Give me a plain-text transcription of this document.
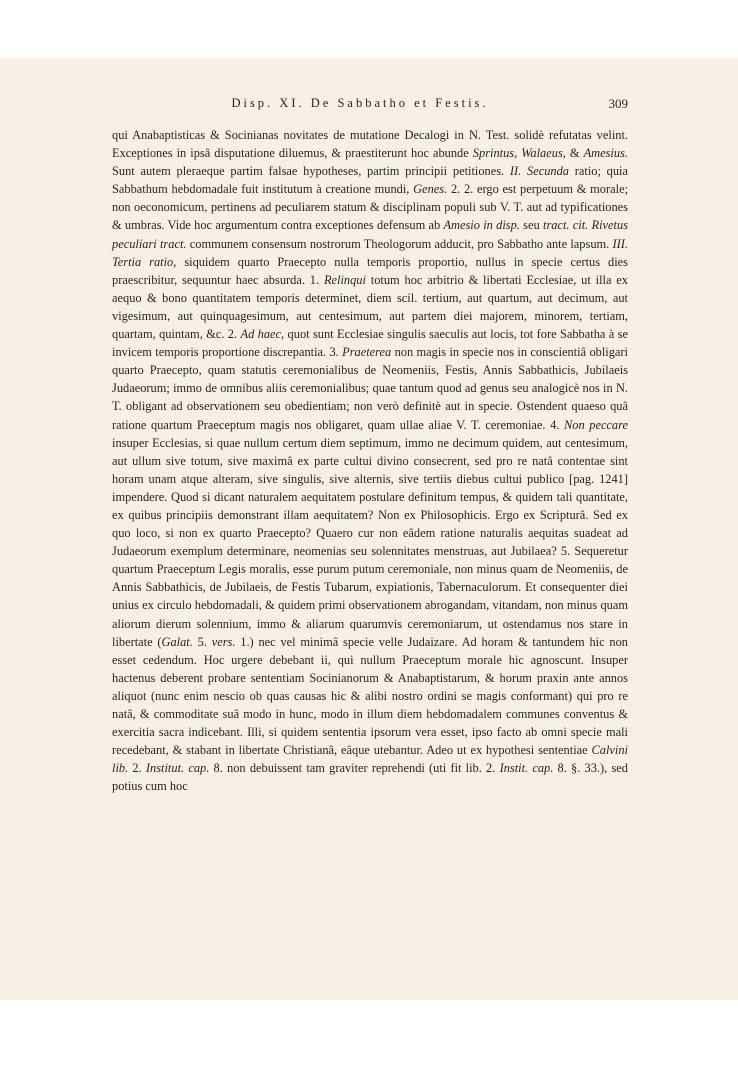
Disp. XI. De Sabbatho et Festis.	309

qui Anabaptisticas & Socinianas novitates de mutatione Decalogi in N. Test. solidè refutatas velint. Exceptiones in ipsâ disputatione diluemus, & praestiterunt hoc abunde Sprintus, Walaeus, & Amesius. Sunt autem pleraeque partim falsae hypotheses, partim principii petitiones. II. Secunda ratio; quia Sabbathum hebdomadale fuit institutum à creatione mundi, Genes. 2. 2. ergo est perpetuum & morale; non oeconomicum, pertinens ad peculiarem statum & disciplinam populi sub V. T. aut ad typificationes & umbras. Vide hoc argumentum contra exceptiones defensum ab Amesio in disp. seu tract. cit. Rivetus peculiari tract. communem consensum nostrorum Theologorum adducit, pro Sabbatho ante lapsum. III. Tertia ratio, siquidem quarto Praecepto nulla temporis proportio, nullus in specie certus dies praescribitur, sequuntur haec absurda. 1. Relinqui totum hoc arbitrio & libertati Ecclesiae, ut illa ex aequo & bono quantitatem temporis determinet, diem scil. tertium, aut quartum, aut decimum, aut vigesimum, aut quinquagesimum, aut centesimum, aut partem diei majorem, minorem, tertiam, quartam, quintam, &c. 2. Ad haec, quot sunt Ecclesiae singulis saeculis aut locis, tot fore Sabbatha à se invicem temporis proportione discrepantia. 3. Praeterea non magis in specie nos in conscientiâ obligari quarto Praecepto, quam statutis ceremonialibus de Neomeniis, Festis, Annis Sabbathicis, Jubilaeis Judaeorum; immo de omnibus aliis ceremonialibus; quae tantum quod ad genus seu analogicè nos in N. T. obligant ad observationem seu obedientiam; non verò definitè aut in specie. Ostendent quaeso quâ ratione quartum Praeceptum magis nos obligaret, quam ullae aliae V. T. ceremoniae. 4. Non peccare insuper Ecclesias, si quae nullum certum diem septimum, immo ne decimum quidem, aut centesimum, aut ullum sive totum, sive maximâ ex parte cultui divino consecrent, sed pro re natâ contentae sint horam unam atque alteram, sive singulis, sive alternis, sive tertiis diebus cultui publico [pag. 1241] impendere. Quod si dicant naturalem aequitatem postulare definitum tempus, & quidem tali quantitate, ex quibus principiis demonstrant illam aequitatem? Non ex Philosophicis. Ergo ex Scripturâ. Sed ex quo loco, si non ex quarto Praecepto? Quaero cur non eâdem ratione naturalis aequitas suadeat ad Judaeorum exemplum determinare, neomenias seu solennitates menstruas, aut Jubilaea? 5. Sequeretur quartum Praeceptum Legis moralis, esse purum putum ceremoniale, non minus quam de Neomeniis, de Annis Sabbathicis, de Jubilaeis, de Festis Tubarum, expiationis, Tabernaculorum. Et consequenter diei unius ex circulo hebdomadali, & quidem primi observationem abrogandam, vitandam, non minus quam aliorum dierum solennium, immo & aliarum quarumvis ceremoniarum, ut ostendamus nos stare in libertate (Galat. 5. vers. 1.) nec vel minimâ specie velle Judaizare. Ad horam & tantundem hic non esset cedendum. Hoc urgere debebant ii, qui nullum Praeceptum morale hic agnoscunt. Insuper hactenus deberent probare sententiam Socinianorum & Anabaptistarum, & horum praxin ante annos aliquot (nunc enim nescio ob quas causas hic & alibi nostro ordini se magis conformant) qui pro re natâ, & commoditate suâ modo in hunc, modo in illum diem hebdomadalem communes conventus & exercitia sacra indicebant. Illi, si quidem sententia ipsorum vera esset, ipso facto ab omni specie mali recedebant, & stabant in libertate Christianâ, eâque utebantur. Adeo ut ex hypothesi sententiae Calvini lib. 2. Institut. cap. 8. non debuissent tam graviter reprehendi (uti fit lib. 2. Instit. cap. 8. §. 33.), sed potius cum hoc
